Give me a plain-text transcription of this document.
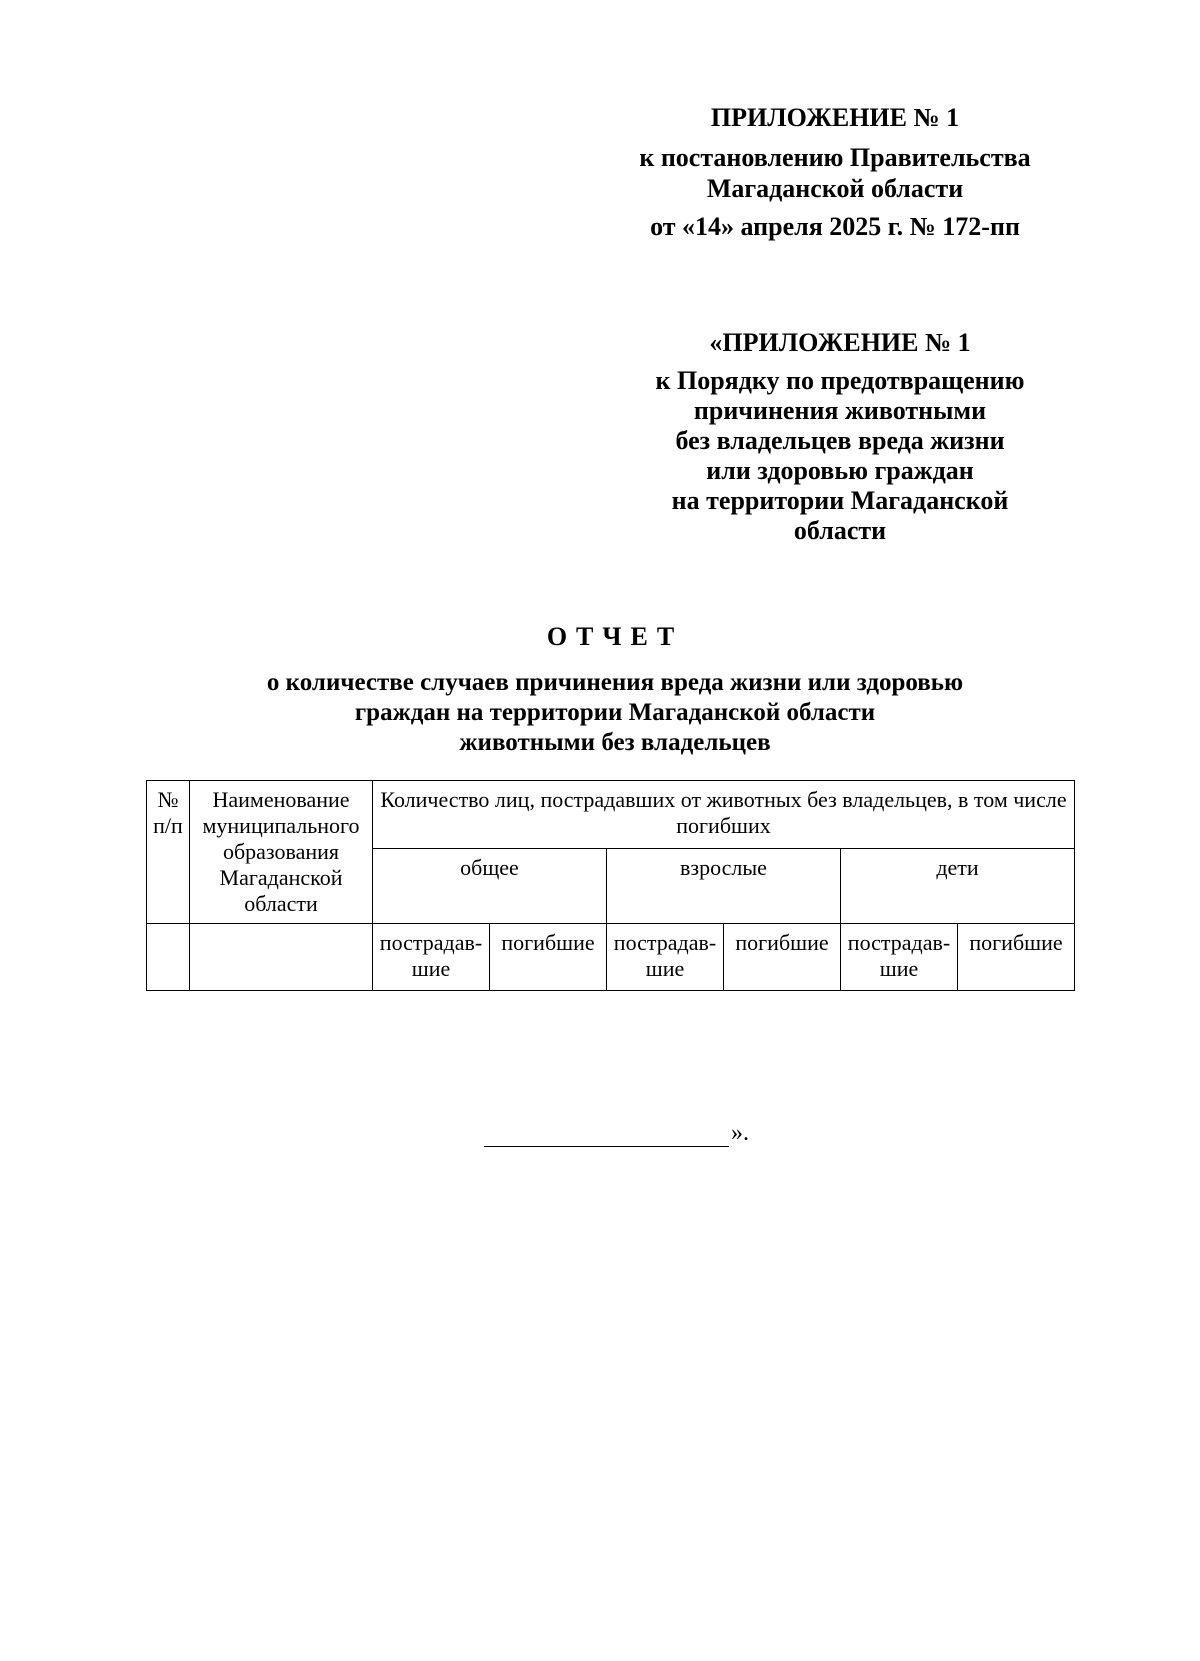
ПРИЛОЖЕНИЕ № 1
к постановлению Правительства
Магаданской области
от «14» апреля 2025 г. № 172-пп
«ПРИЛОЖЕНИЕ № 1
к Порядку по предотвращению
причинения животными
без владельцев вреда жизни
или здоровью граждан
на территории Магаданской
области
ОТЧЕТ
о количестве случаев причинения вреда жизни или здоровью
граждан на территории Магаданской области
животными без владельцев
№ п/п	Наименование муниципального образования Магаданской области	Количество лиц, пострадавших от животных без владельцев, в том числе погибших					
		общее		взрослые		дети	
		пострадав-шие	погибшие	пострадав-шие	погибшие	пострадав-шие	погибшие
».
